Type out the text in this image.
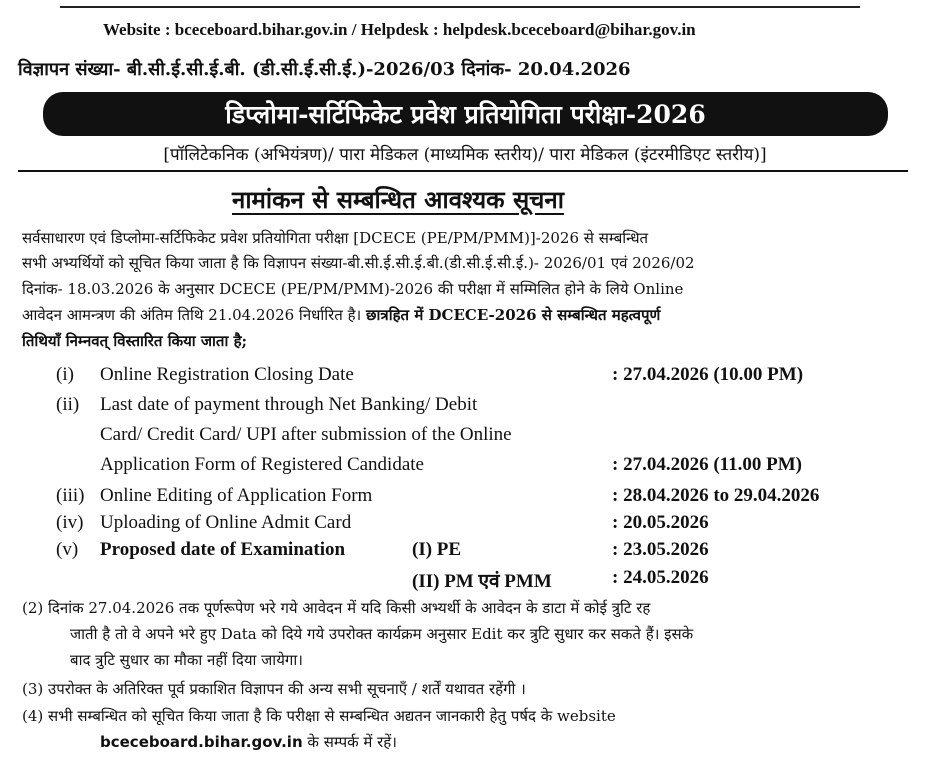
Website : bceceboard.bihar.gov.in / Helpdesk : helpdesk.bceceboard@bihar.gov.in
विज्ञापन संख्या- बी.सी.ई.सी.ई.बी. (डी.सी.ई.सी.ई.)-2026/03 दिनांक- 20.04.2026
डिप्लोमा-सर्टिफिकेट प्रवेश प्रतियोगिता परीक्षा-2026
[पॉलिटेकनिक (अभियंत्रण)/ पारा मेडिकल (माध्यमिक स्तरीय)/ पारा मेडिकल (इंटरमीडिएट स्तरीय)]
नामांकन से सम्बन्धित आवश्यक सूचना
सर्वसाधारण एवं डिप्लोमा-सर्टिफिकेट प्रवेश प्रतियोगिता परीक्षा [DCECE (PE/PM/PMM)]-2026 से सम्बन्धित
सभी अभ्यर्थियों को सूचित किया जाता है कि विज्ञापन संख्या-बी.सी.ई.सी.ई.बी.(डी.सी.ई.सी.ई.)- 2026/01 एवं 2026/02
दिनांक- 18.03.2026 के अनुसार DCECE (PE/PM/PMM)-2026 की परीक्षा में सम्मिलित होने के लिये Online
आवेदन आमन्त्रण की अंतिम तिथि 21.04.2026 निर्धारित है। छात्रहित में DCECE-2026 से सम्बन्धित महत्वपूर्ण
तिथियाँ निम्नवत् विस्तारित किया जाता है;
(i) Online Registration Closing Date	: 27.04.2026 (10.00 PM)
(ii) Last date of payment through Net Banking/ Debit
Card/ Credit Card/ UPI after submission of the Online
Application Form of Registered Candidate	: 27.04.2026 (11.00 PM)
(iii) Online Editing of Application Form	: 28.04.2026 to 29.04.2026
(iv) Uploading of Online Admit Card	: 20.05.2026
(v) Proposed date of Examination	(I) PE	: 23.05.2026
(II) PM एवं PMM	: 24.05.2026
(2) दिनांक 27.04.2026 तक पूर्णरूपेण भरे गये आवेदन में यदि किसी अभ्यर्थी के आवेदन के डाटा में कोई त्रुटि रह
जाती है तो वे अपने भरे हुए Data को दिये गये उपरोक्त कार्यक्रम अनुसार Edit कर त्रुटि सुधार कर सकते हैं। इसके
बाद त्रुटि सुधार का मौका नहीं दिया जायेगा।
(3) उपरोक्त के अतिरिक्त पूर्व प्रकाशित विज्ञापन की अन्य सभी सूचनाएँ / शर्तें यथावत रहेंगी ।
(4) सभी सम्बन्धित को सूचित किया जाता है कि परीक्षा से सम्बन्धित अद्यतन जानकारी हेतु पर्षद के website
bceceboard.bihar.gov.in के सम्पर्क में रहें।
